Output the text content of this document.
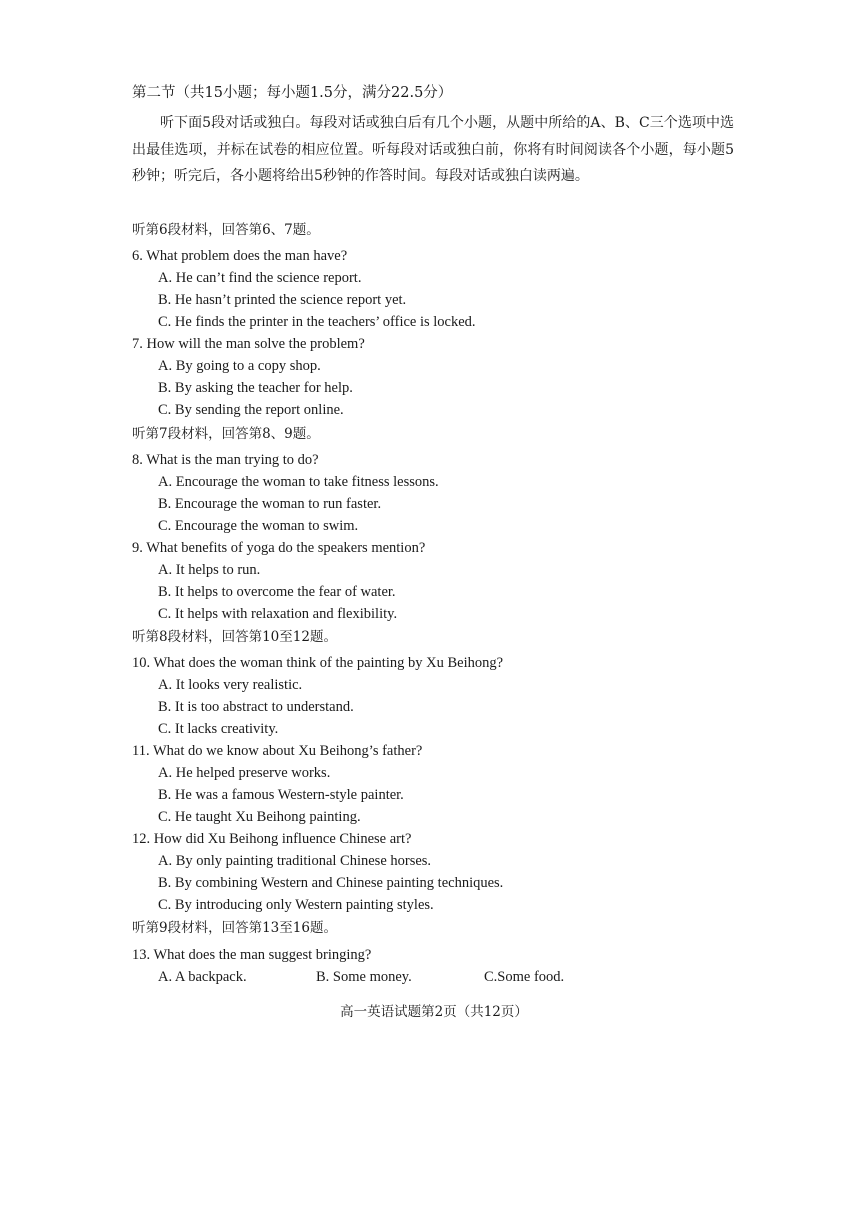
第二节（共15小题；每小题1.5分，满分22.5分）
听下面5段对话或独白。每段对话或独白后有几个小题，从题中所给的A、B、C三个选项中选出最佳选项，并标在试卷的相应位置。听每段对话或独白前，你将有时间阅读各个小题，每小题5秒钟；听完后，各小题将给出5秒钟的作答时间。每段对话或独白读两遍。
听第6段材料，回答第6、7题。
6. What problem does the man have?
A. He can’t find the science report.
B. He hasn’t printed the science report yet.
C. He finds the printer in the teachers’ office is locked.
7. How will the man solve the problem?
A. By going to a copy shop.
B. By asking the teacher for help.
C. By sending the report online.
听第7段材料，回答第8、9题。
8. What is the man trying to do?
A. Encourage the woman to take fitness lessons.
B. Encourage the woman to run faster.
C. Encourage the woman to swim.
9. What benefits of yoga do the speakers mention?
A. It helps to run.
B. It helps to overcome the fear of water.
C. It helps with relaxation and flexibility.
听第8段材料，回答第10至12题。
10. What does the woman think of the painting by Xu Beihong?
A. It looks very realistic.
B. It is too abstract to understand.
C. It lacks creativity.
11. What do we know about Xu Beihong’s father?
A. He helped preserve works.
B. He was a famous Western-style painter.
C. He taught Xu Beihong painting.
12. How did Xu Beihong influence Chinese art?
A. By only painting traditional Chinese horses.
B. By combining Western and Chinese painting techniques.
C. By introducing only Western painting styles.
听第9段材料，回答第13至16题。
13. What does the man suggest bringing?
A. A backpack.	B. Some money.	C.Some food.
高一英语试题第2页（共12页）
